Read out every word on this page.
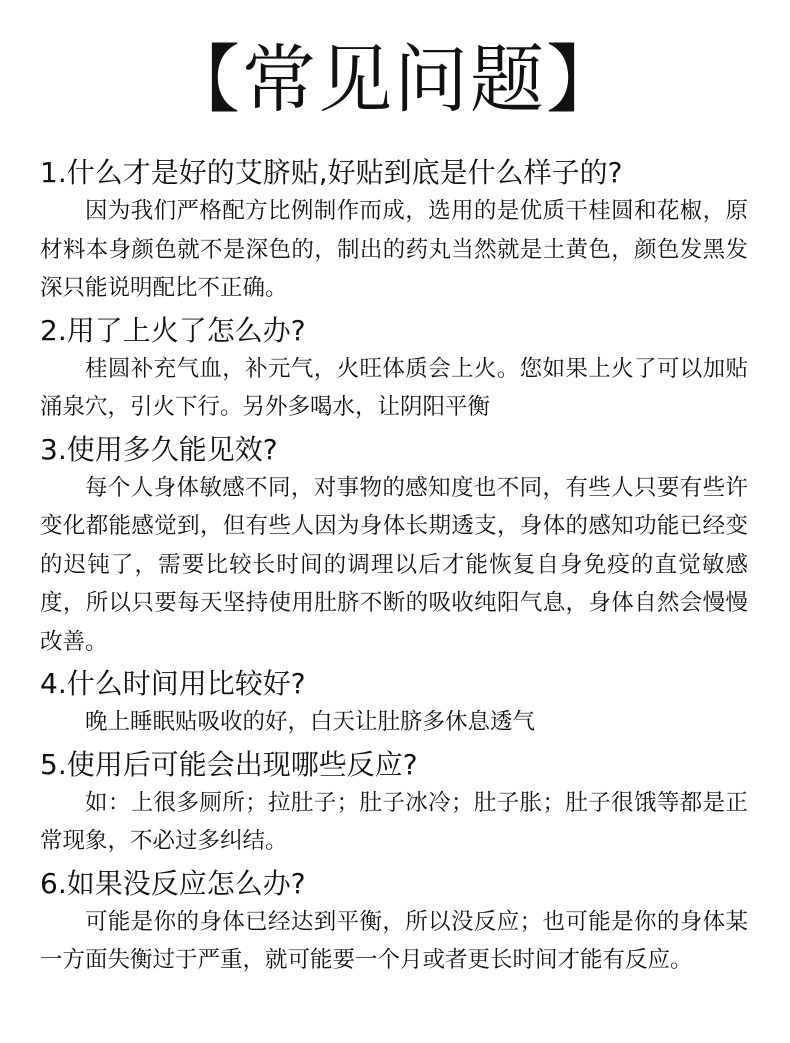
【常见问题】
1.什么才是好的艾脐贴,好贴到底是什么样子的?

因为我们严格配方比例制作而成，选用的是优质干桂圆和花椒，原材料本身颜色就不是深色的，制出的药丸当然就是土黄色，颜色发黑发深只能说明配比不正确。

2.用了上火了怎么办?

桂圆补充气血，补元气，火旺体质会上火。您如果上火了可以加贴涌泉穴，引火下行。另外多喝水，让阴阳平衡

3.使用多久能见效?

每个人身体敏感不同，对事物的感知度也不同，有些人只要有些许变化都能感觉到，但有些人因为身体长期透支，身体的感知功能已经变的迟钝了，需要比较长时间的调理以后才能恢复自身免疫的直觉敏感度，所以只要每天坚持使用肚脐不断的吸收纯阳气息，身体自然会慢慢改善。

4.什么时间用比较好?

晚上睡眠贴吸收的好，白天让肚脐多休息透气

5.使用后可能会出现哪些反应?

如：上很多厕所；拉肚子；肚子冰冷；肚子胀；肚子很饿等都是正常现象，不必过多纠结。

6.如果没反应怎么办?

可能是你的身体已经达到平衡，所以没反应；也可能是你的身体某一方面失衡过于严重，就可能要一个月或者更长时间才能有反应。
